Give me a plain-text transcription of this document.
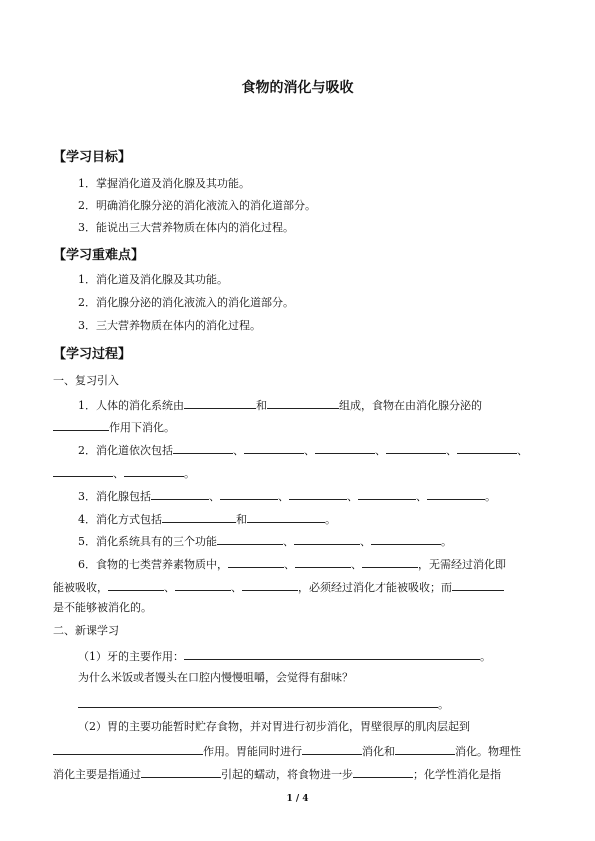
食物的消化与吸收
【学习目标】
1．掌握消化道及消化腺及其功能。
2．明确消化腺分泌的消化液流入的消化道部分。
3．能说出三大营养物质在体内的消化过程。
【学习重难点】
1．消化道及消化腺及其功能。
2．消化腺分泌的消化液流入的消化道部分。
3．三大营养物质在体内的消化过程。
【学习过程】
一、复习引入
1．人体的消化系统由	和	组成，食物在由消化腺分泌的
作用下消化。
2．消化道依次包括	、	、	、	、	、
、	。
3．消化腺包括	、	、	、	、	。
4．消化方式包括	和	。
5．消化系统具有的三个功能	、	、	。
6．食物的七类营养素物质中，	、	、	，无需经过消化即
能被吸收，	、	、	，必须经过消化才能被吸收；而
是不能够被消化的。
二、新课学习
（1）牙的主要作用：	。
为什么米饭或者馒头在口腔内慢慢咀嚼，会觉得有甜味？
。
（2）胃的主要功能暂时贮存食物，并对胃进行初步消化，胃壁很厚的肌肉层起到
作用。胃能同时进行	消化和	消化。物理性
消化主要是指通过	引起的蠕动，将食物进一步	；化学性消化是指
1 / 4
